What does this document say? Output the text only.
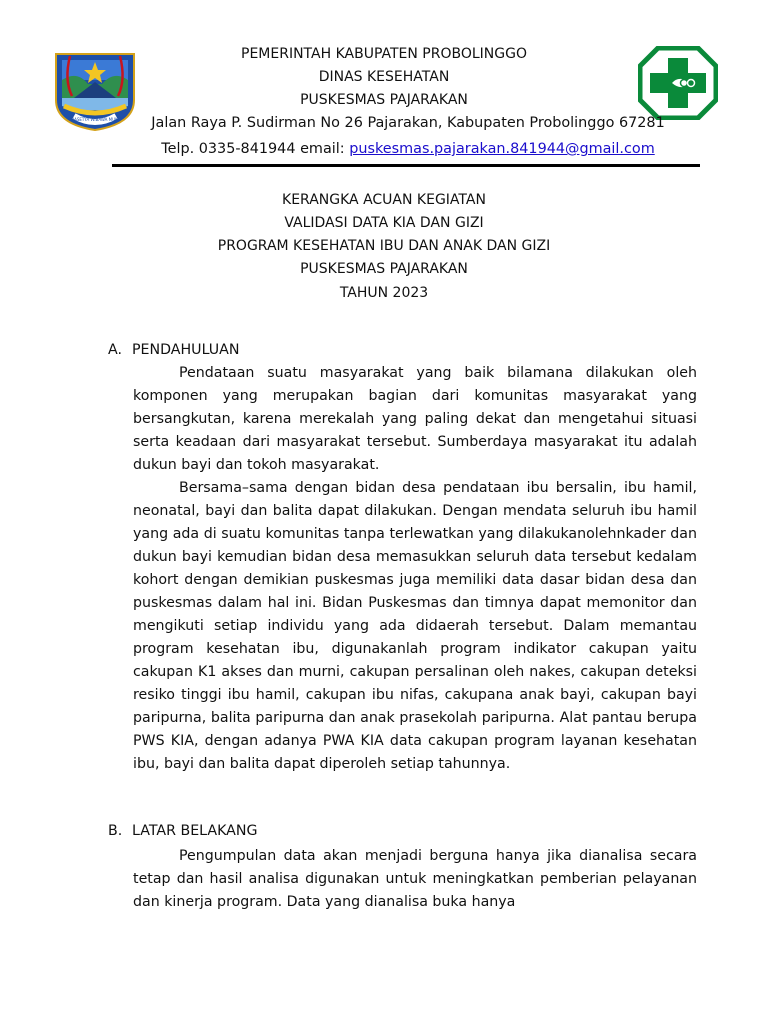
PRASETYA WIBAWA MUKTI
PEMERINTAH KABUPATEN PROBOLINGGO
DINAS KESEHATAN
PUSKESMAS PAJARAKAN
Jalan Raya P. Sudirman No 26 Pajarakan, Kabupaten Probolinggo 67281
Telp. 0335-841944 email: puskesmas.pajarakan.841944@gmail.com
KERANGKA ACUAN KEGIATAN
VALIDASI DATA KIA DAN GIZI
PROGRAM KESEHATAN IBU DAN ANAK DAN GIZI
PUSKESMAS PAJARAKAN
TAHUN 2023
A. PENDAHULUAN

Pendataan suatu masyarakat yang baik bilamana dilakukan oleh komponen yang merupakan bagian dari komunitas masyarakat yang bersangkutan, karena merekalah yang paling dekat dan mengetahui situasi serta keadaan dari masyarakat tersebut. Sumberdaya masyarakat itu adalah dukun bayi dan tokoh masyarakat.

Bersama–sama dengan bidan desa pendataan ibu bersalin, ibu hamil, neonatal, bayi dan balita dapat dilakukan. Dengan mendata seluruh ibu hamil yang ada di suatu komunitas tanpa terlewatkan yang dilakukanolehnkader dan dukun bayi kemudian bidan desa memasukkan seluruh data tersebut kedalam kohort dengan demikian puskesmas juga memiliki data dasar bidan desa dan puskesmas dalam hal ini. Bidan Puskesmas dan timnya dapat memonitor dan mengikuti setiap individu yang ada didaerah tersebut. Dalam memantau program kesehatan ibu, digunakanlah program indikator cakupan yaitu cakupan K1 akses dan murni, cakupan persalinan oleh nakes, cakupan deteksi resiko tinggi ibu hamil, cakupan ibu nifas, cakupana anak bayi, cakupan bayi paripurna, balita paripurna dan anak prasekolah paripurna. Alat pantau berupa PWS KIA, dengan adanya PWA KIA data cakupan program layanan kesehatan ibu, bayi dan balita dapat diperoleh setiap tahunnya.

B. LATAR BELAKANG

Pengumpulan data akan menjadi berguna hanya jika dianalisa secara tetap dan hasil analisa digunakan untuk meningkatkan pemberian pelayanan dan kinerja program. Data yang dianalisa buka hanya
